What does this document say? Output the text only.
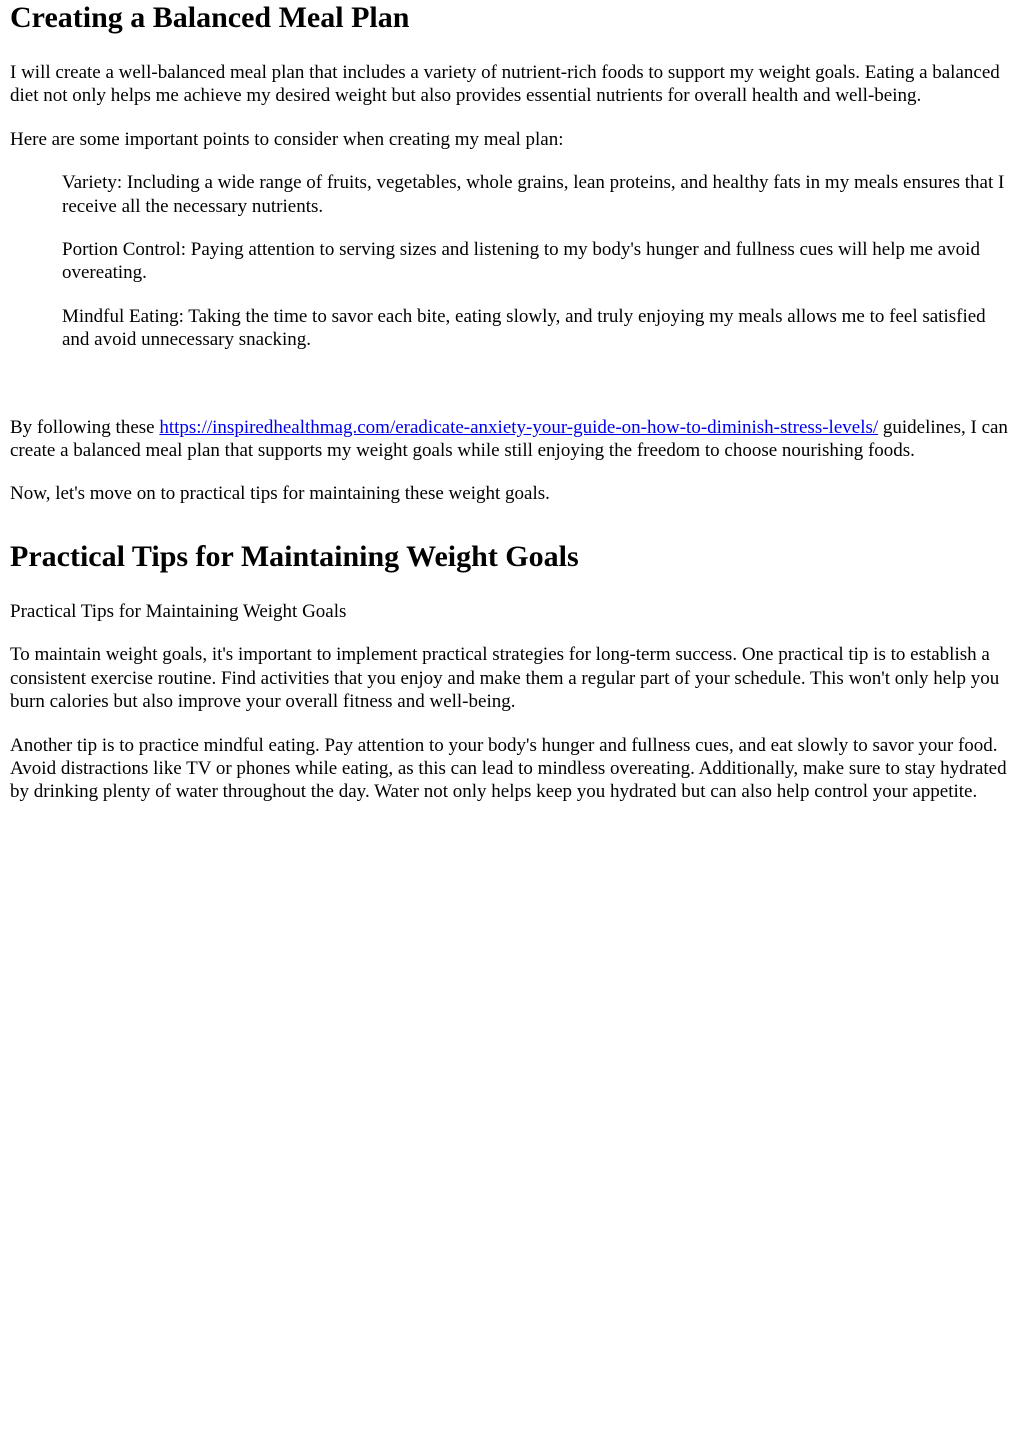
Creating a Balanced Meal Plan

I will create a well-balanced meal plan that includes a variety of nutrient-rich foods to support my weight goals. Eating a balanced diet not only helps me achieve my desired weight but also provides essential nutrients for overall health and well-being.

Here are some important points to consider when creating my meal plan:

Variety: Including a wide range of fruits, vegetables, whole grains, lean proteins, and healthy fats in my meals ensures that I receive all the necessary nutrients.

Portion Control: Paying attention to serving sizes and listening to my body's hunger and fullness cues will help me avoid overeating.

Mindful Eating: Taking the time to savor each bite, eating slowly, and truly enjoying my meals allows me to feel satisfied and avoid unnecessary snacking.

By following these https://inspiredhealthmag.com/eradicate-anxiety-your-guide-on-how-to-diminish-stress-levels/ guidelines, I can create a balanced meal plan that supports my weight goals while still enjoying the freedom to choose nourishing foods.

Now, let's move on to practical tips for maintaining these weight goals.

Practical Tips for Maintaining Weight Goals

Practical Tips for Maintaining Weight Goals

To maintain weight goals, it's important to implement practical strategies for long-term success. One practical tip is to establish a consistent exercise routine. Find activities that you enjoy and make them a regular part of your schedule. This won't only help you burn calories but also improve your overall fitness and well-being.

Another tip is to practice mindful eating. Pay attention to your body's hunger and fullness cues, and eat slowly to savor your food. Avoid distractions like TV or phones while eating, as this can lead to mindless overeating. Additionally, make sure to stay hydrated by drinking plenty of water throughout the day. Water not only helps keep you hydrated but can also help control your appetite.
